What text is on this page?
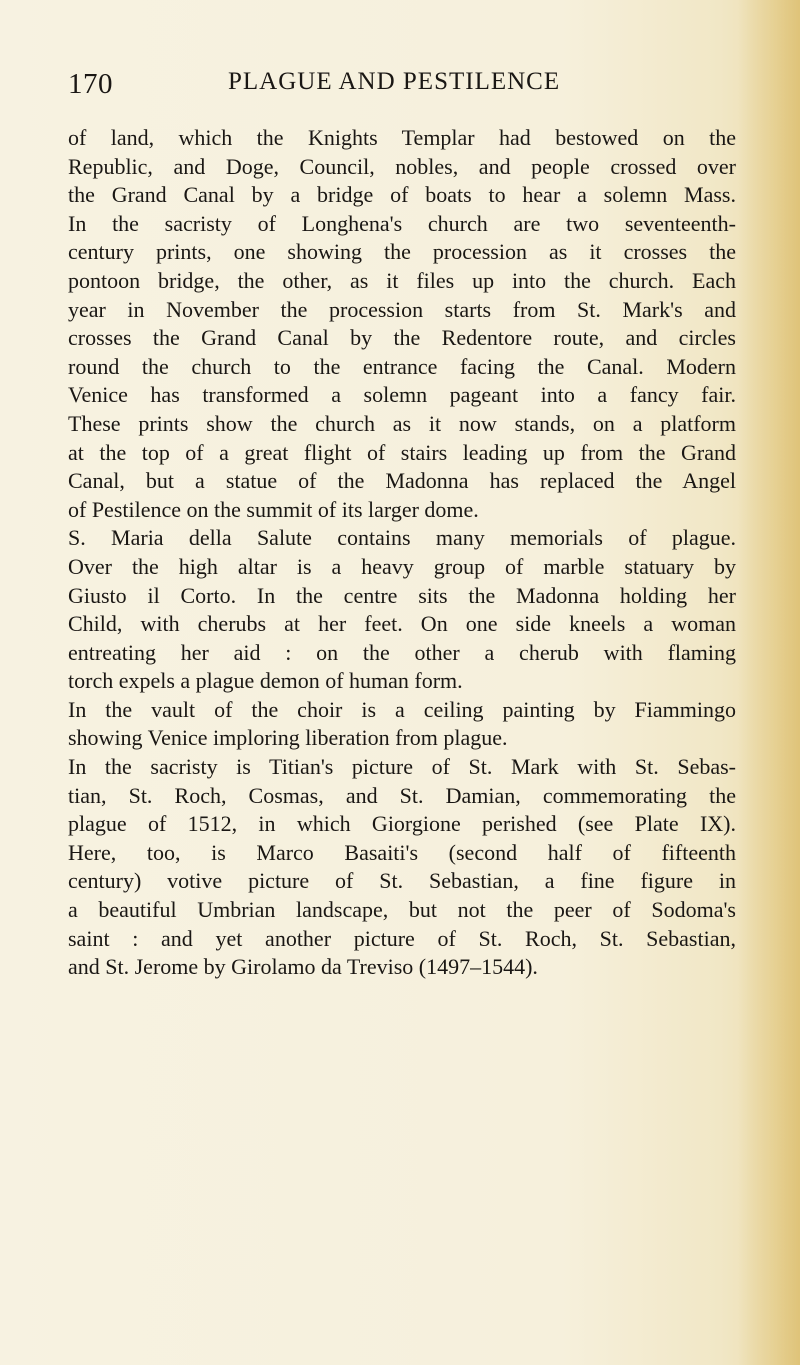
170	PLAGUE AND PESTILENCE
of land, which the Knights Templar had bestowed on the
Republic, and Doge, Council, nobles, and people crossed over
the Grand Canal by a bridge of boats to hear a solemn Mass.
In the sacristy of Longhena's church are two seventeenth-
century prints, one showing the procession as it crosses the
pontoon bridge, the other, as it files up into the church. Each
year in November the procession starts from St. Mark's and
crosses the Grand Canal by the Redentore route, and circles
round the church to the entrance facing the Canal. Modern
Venice has transformed a solemn pageant into a fancy fair.
These prints show the church as it now stands, on a platform
at the top of a great flight of stairs leading up from the Grand
Canal, but a statue of the Madonna has replaced the Angel
of Pestilence on the summit of its larger dome.
S. Maria della Salute contains many memorials of plague.
Over the high altar is a heavy group of marble statuary by
Giusto il Corto. In the centre sits the Madonna holding her
Child, with cherubs at her feet. On one side kneels a woman
entreating her aid : on the other a cherub with flaming
torch expels a plague demon of human form.
In the vault of the choir is a ceiling painting by Fiammingo
showing Venice imploring liberation from plague.
In the sacristy is Titian's picture of St. Mark with St. Sebas-
tian, St. Roch, Cosmas, and St. Damian, commemorating the
plague of 1512, in which Giorgione perished (see Plate IX).
Here, too, is Marco Basaiti's (second half of fifteenth
century) votive picture of St. Sebastian, a fine figure in
a beautiful Umbrian landscape, but not the peer of Sodoma's
saint : and yet another picture of St. Roch, St. Sebastian,
and St. Jerome by Girolamo da Treviso (1497–1544).
